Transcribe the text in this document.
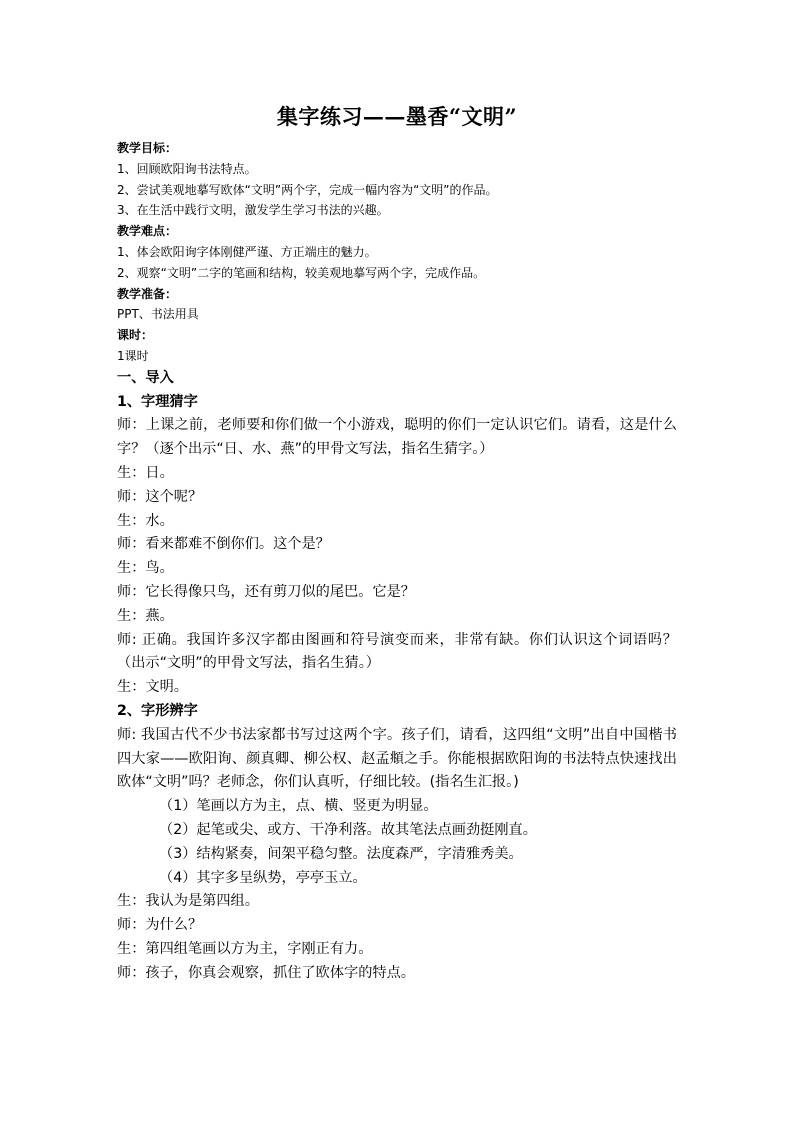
集字练习——墨香“文明”

教学目标：

1、回顾欧阳询书法特点。

2、尝试美观地摹写欧体“文明”两个字，完成一幅内容为“文明”的作品。

3、在生活中践行文明，激发学生学习书法的兴趣。

教学难点：

1、体会欧阳询字体刚健严谨、方正端庄的魅力。

2、观察“文明”二字的笔画和结构，较美观地摹写两个字，完成作品。

教学准备：

PPT、书法用具

课时：

1课时

一、导入

1、字理猜字

师：上课之前，老师要和你们做一个小游戏，聪明的你们一定认识它们。请看，这是什么字？（逐个出示“日、水、燕”的甲骨文写法，指名生猜字。）

生：日。

师：这个呢？

生：水。

师：看来都难不倒你们。这个是？

生：鸟。

师：它长得像只鸟，还有剪刀似的尾巴。它是？

生：燕。

师: 正确。我国许多汉字都由图画和符号演变而来，非常有缺。你们认识这个词语吗？（出示“文明”的甲骨文写法，指名生猜。）

生：文明。

2、字形辨字

师: 我国古代不少书法家都书写过这两个字。孩子们，请看，这四组“文明”出自中国楷书四大家——欧阳询、颜真卿、柳公权、赵孟頫之手。你能根据欧阳询的书法特点快速找出欧体“文明”吗？老师念，你们认真听，仔细比较。(指名生汇报。)

（1）笔画以方为主，点、横、竖更为明显。

（2）起笔或尖、或方、干净利落。故其笔法点画劲挺刚直。

（3）结构紧奏，间架平稳匀整。法度森严，字清雅秀美。

（4）其字多呈纵势，亭亭玉立。

生：我认为是第四组。

师：为什么？

生：第四组笔画以方为主，字刚正有力。

师：孩子，你真会观察，抓住了欧体字的特点。
